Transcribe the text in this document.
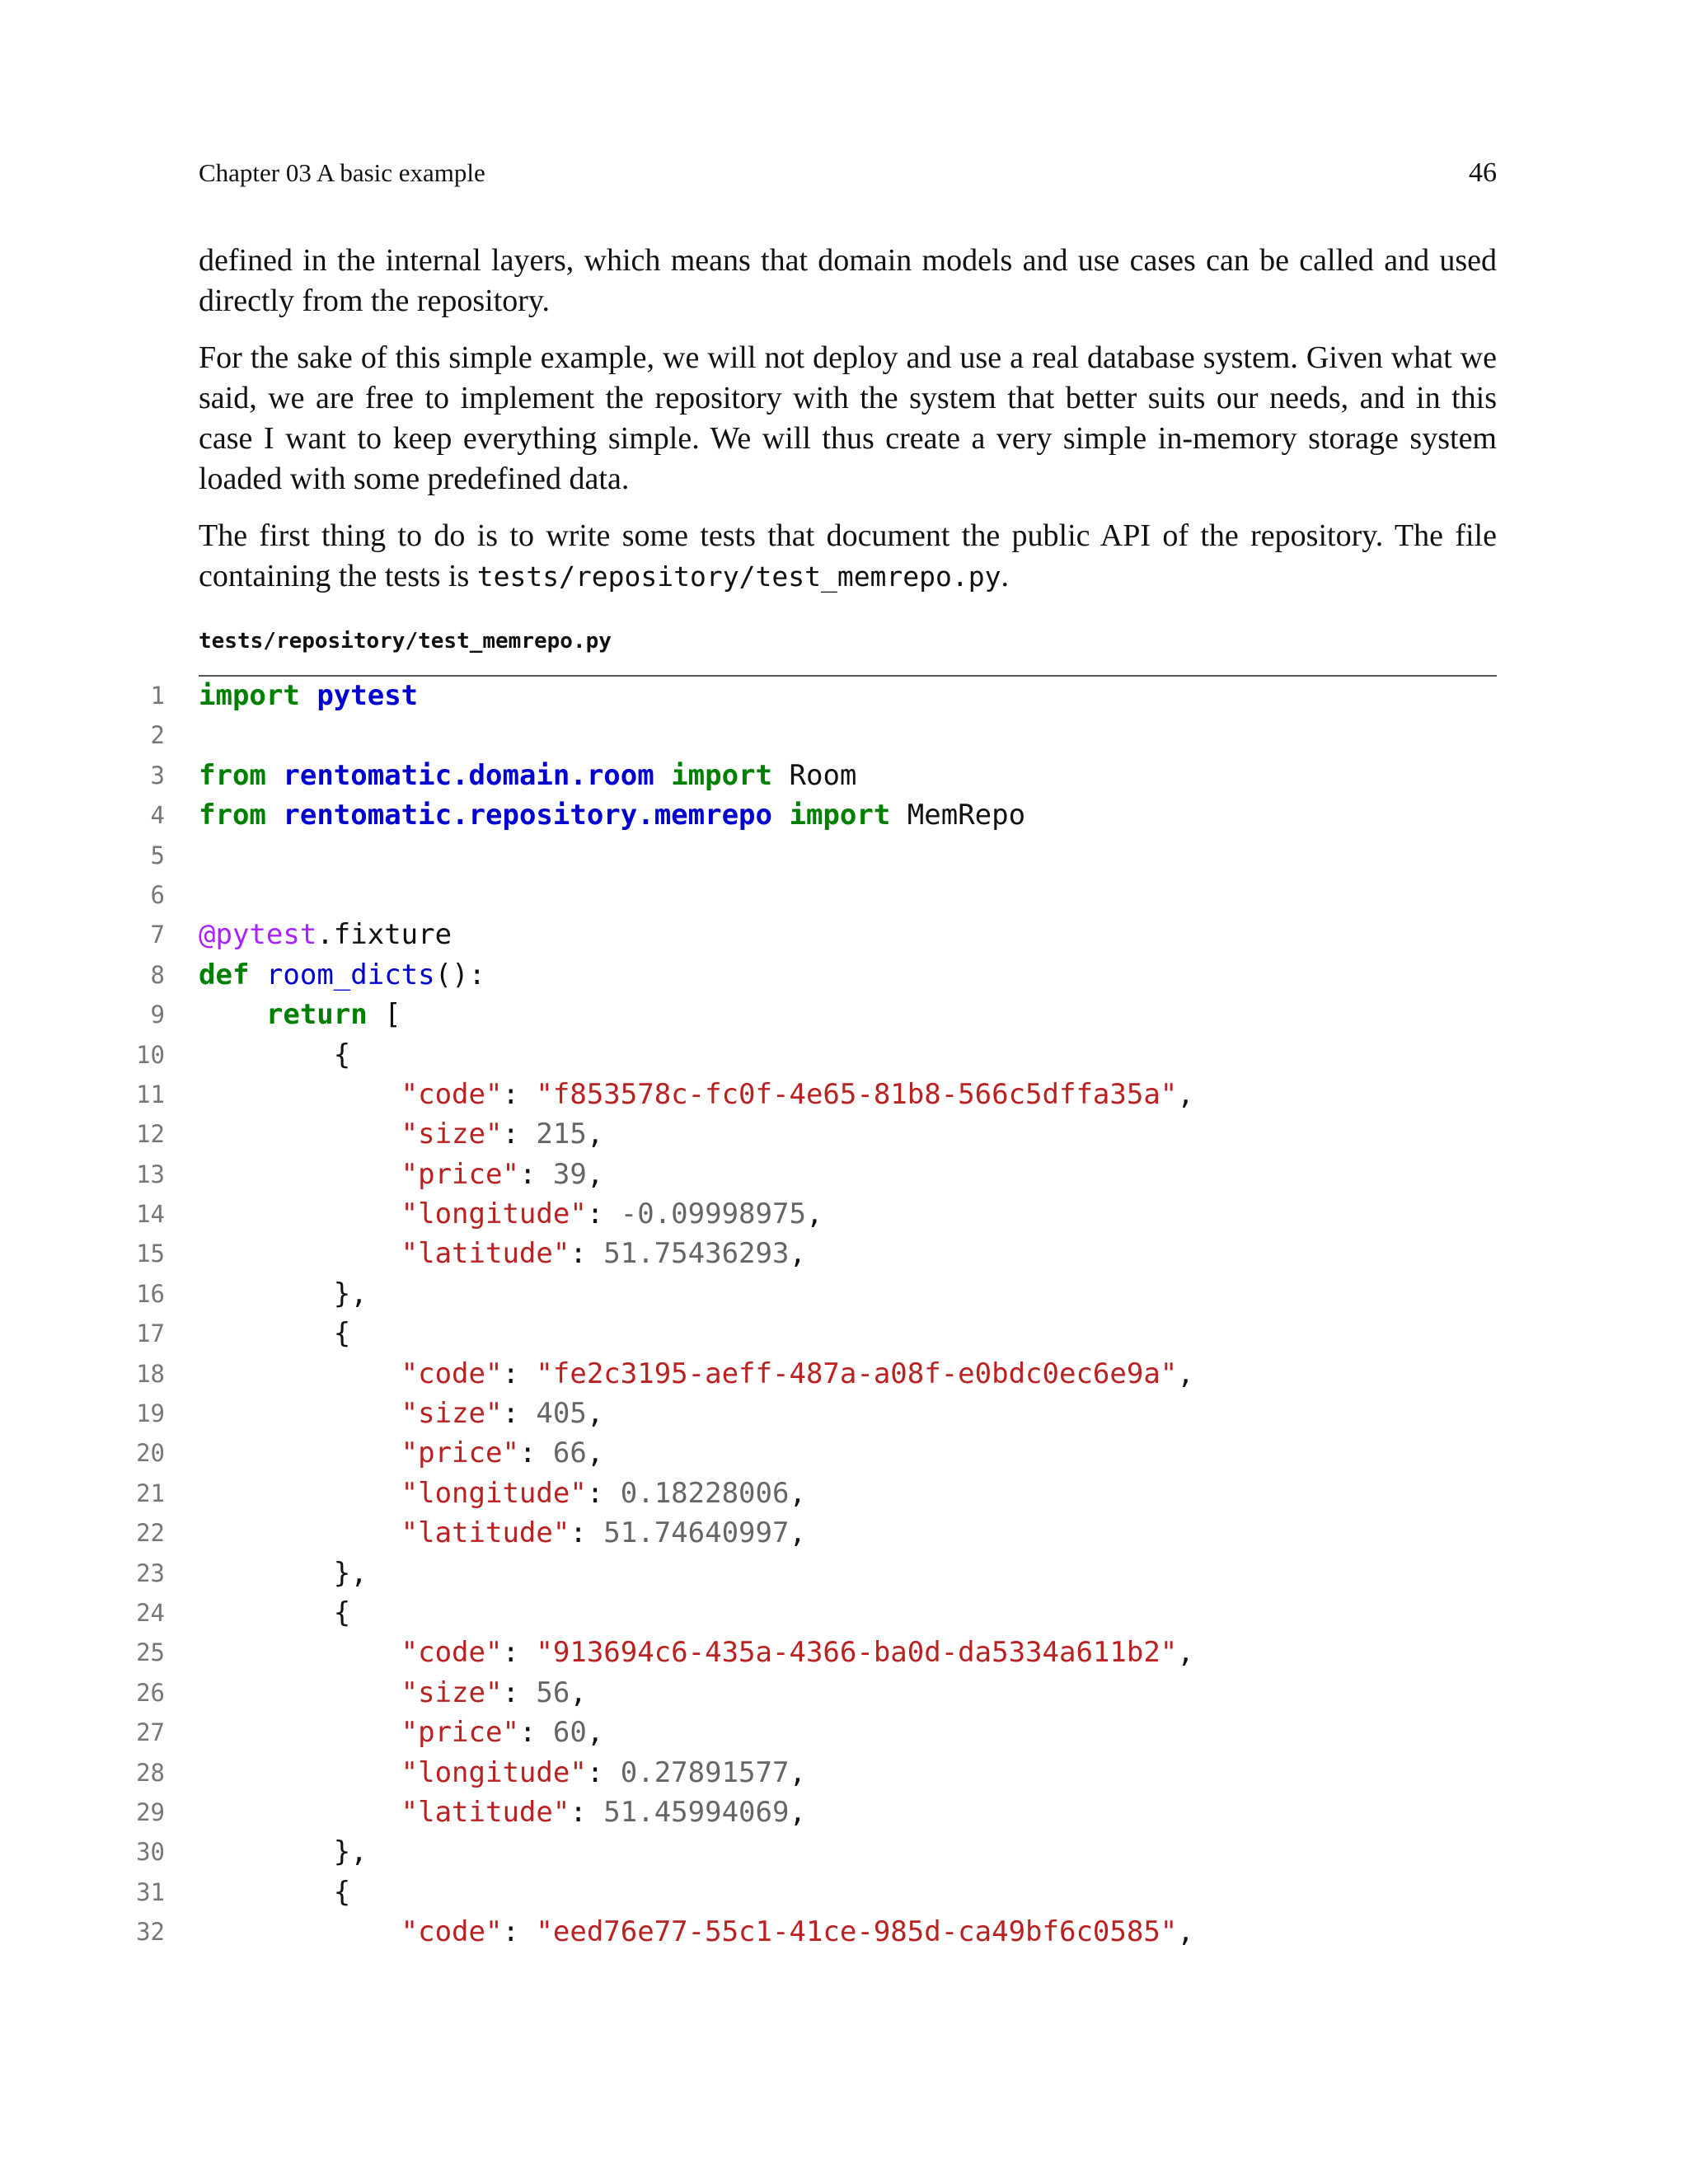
Chapter 03 A basic example	46

defined in the internal layers, which means that domain models and use cases can be called and used directly from the repository.

For the sake of this simple example, we will not deploy and use a real database system. Given what we said, we are free to implement the repository with the system that better suits our needs, and in this case I want to keep everything simple. We will thus create a very simple in-memory storage system loaded with some predefined data.

The first thing to do is to write some tests that document the public API of the repository. The file containing the tests is tests/repository/test_memrepo.py.

tests/repository/test_memrepo.py
1 import pytest
2
3 from rentomatic.domain.room import Room
4 from rentomatic.repository.memrepo import MemRepo
5
6
7 @pytest.fixture
8 def room_dicts():
9	return [
10 {
11	"code": "f853578c-fc0f-4e65-81b8-566c5dffa35a",
12	"size": 215,
13	"price": 39,
14	"longitude": -0.09998975,
15	"latitude": 51.75436293,
16 },
17 {
18	"code": "fe2c3195-aeff-487a-a08f-e0bdc0ec6e9a",
19	"size": 405,
20	"price": 66,
21	"longitude": 0.18228006,
22	"latitude": 51.74640997,
23 },
24 {
25	"code": "913694c6-435a-4366-ba0d-da5334a611b2",
26	"size": 56,
27	"price": 60,
28	"longitude": 0.27891577,
29	"latitude": 51.45994069,
30 },
31 {
32	"code": "eed76e77-55c1-41ce-985d-ca49bf6c0585",
